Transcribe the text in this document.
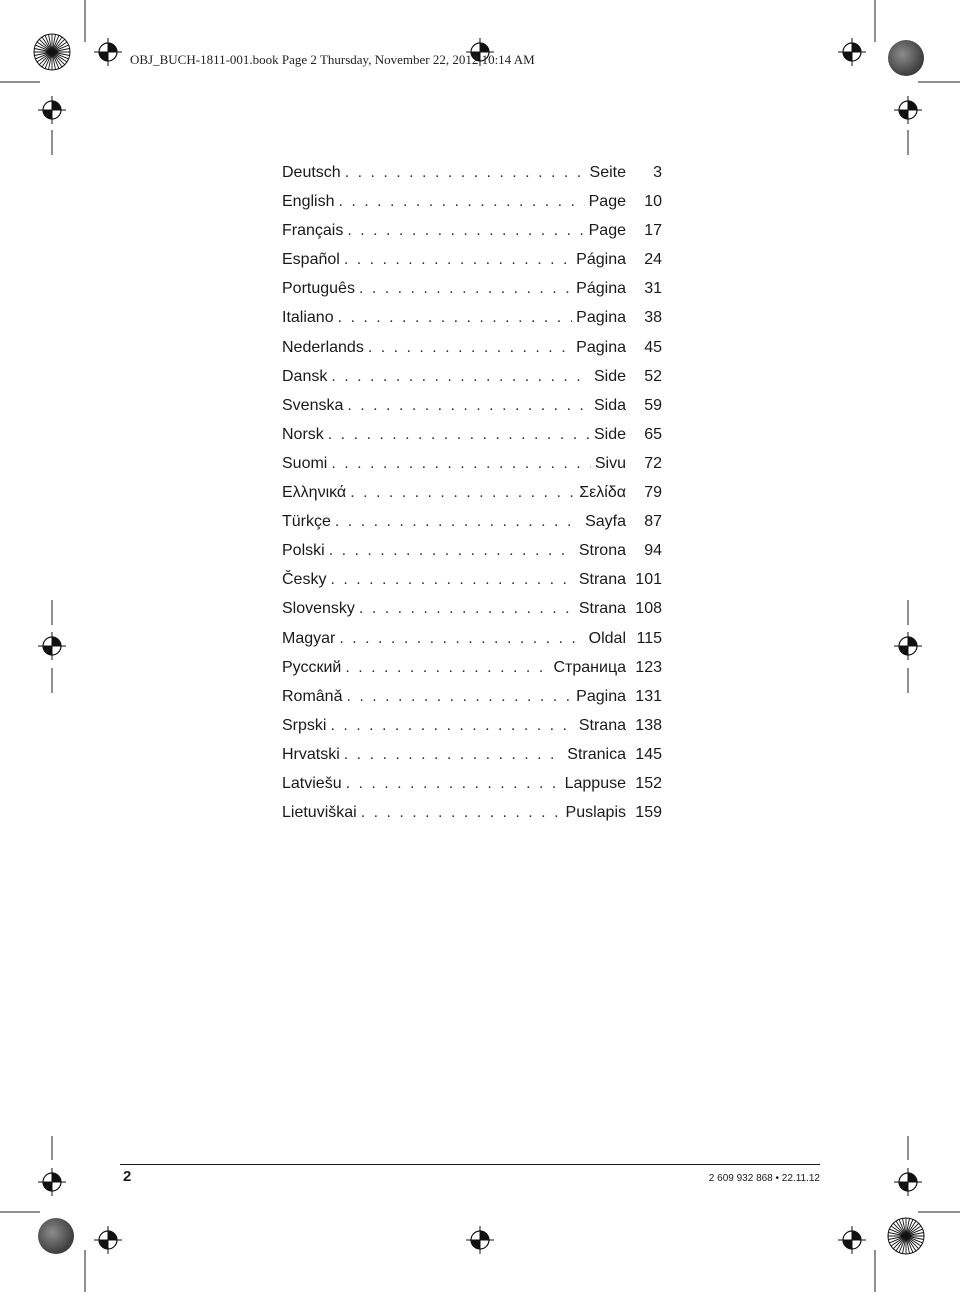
OBJ_BUCH-1811-001.book Page 2 Thursday, November 22, 2012 10:14 AM
Deutsch . . .	Seite	3
English . . .	Page	10
Français . . .	Page	17
Español . . .	Página	24
Português . . .	Página	31
Italiano . . .	Pagina	38
Nederlands . . .	Pagina	45
Dansk . . .	Side	52
Svenska . . .	Sida	59
Norsk . . .	Side	65
Suomi . . .	Sivu	72
Ελληνικά . . .	Σελίδα	79
Türkçe . . .	Sayfa	87
Polski . . .	Strona	94
Česky . . .	Strana 101
Slovensky . . .	Strana 108
Magyar . . .	Oldal 115
Русский . . .	Страница 123
Românǎ . . .	Pagina 131
Srpski . . .	Strana 138
Hrvatski . . .	Stranica 145
Latviešu . . .	Lappuse 152
Lietuviškai . . .	Puslapis 159
2	2 609 932 868 • 22.11.12
